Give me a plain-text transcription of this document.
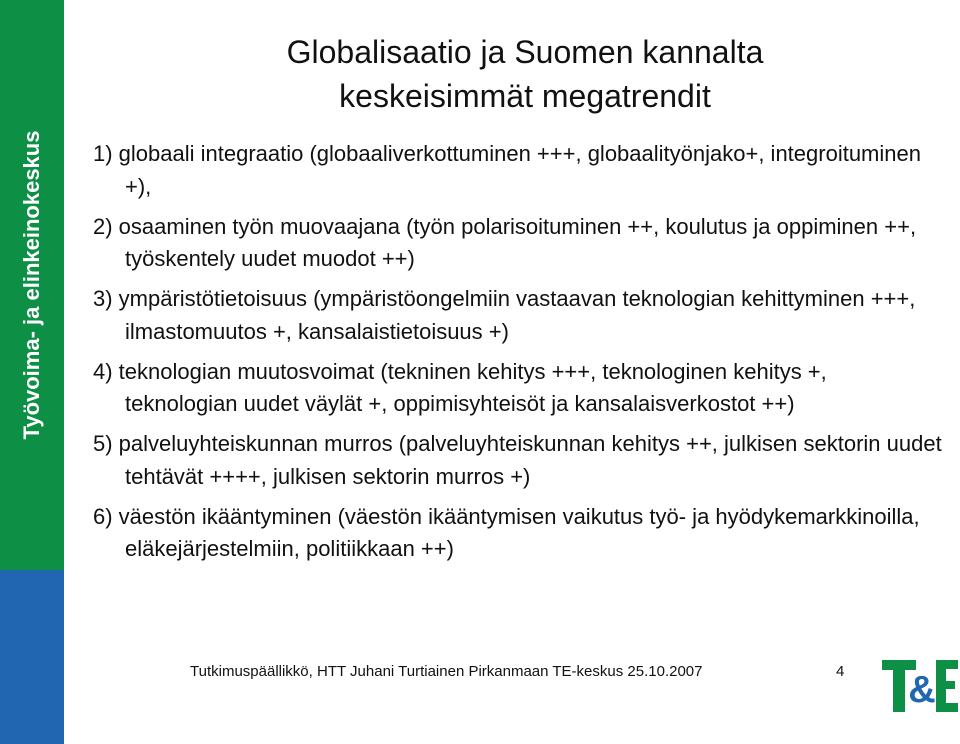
Työvoima- ja elinkeinokeskus
Globalisaatio ja Suomen kannalta
keskeisimmät megatrendit
1) globaali integraatio (globaaliverkottuminen +++, globaalityönjako+, integroituminen +),
2) osaaminen työn muovaajana (työn polarisoituminen ++, koulutus ja oppiminen ++, työskentely uudet muodot ++)
3) ympäristötietoisuus (ympäristöongelmiin vastaavan teknologian kehittyminen +++, ilmastomuutos +, kansalaistietoisuus +)
4) teknologian muutosvoimat (tekninen kehitys +++, teknologinen kehitys +, teknologian uudet väylät +, oppimisyhteisöt ja kansalaisverkostot ++)
5) palveluyhteiskunnan murros (palveluyhteiskunnan kehitys ++, julkisen sektorin uudet tehtävät ++++, julkisen sektorin murros +)
6) väestön ikääntyminen (väestön ikääntymisen vaikutus työ- ja hyödykemarkkinoilla, eläkejärjestelmiin, politiikkaan ++)
Tutkimuspäällikkö, HTT Juhani Turtiainen Pirkanmaan TE-keskus 25.10.2007	4 &
